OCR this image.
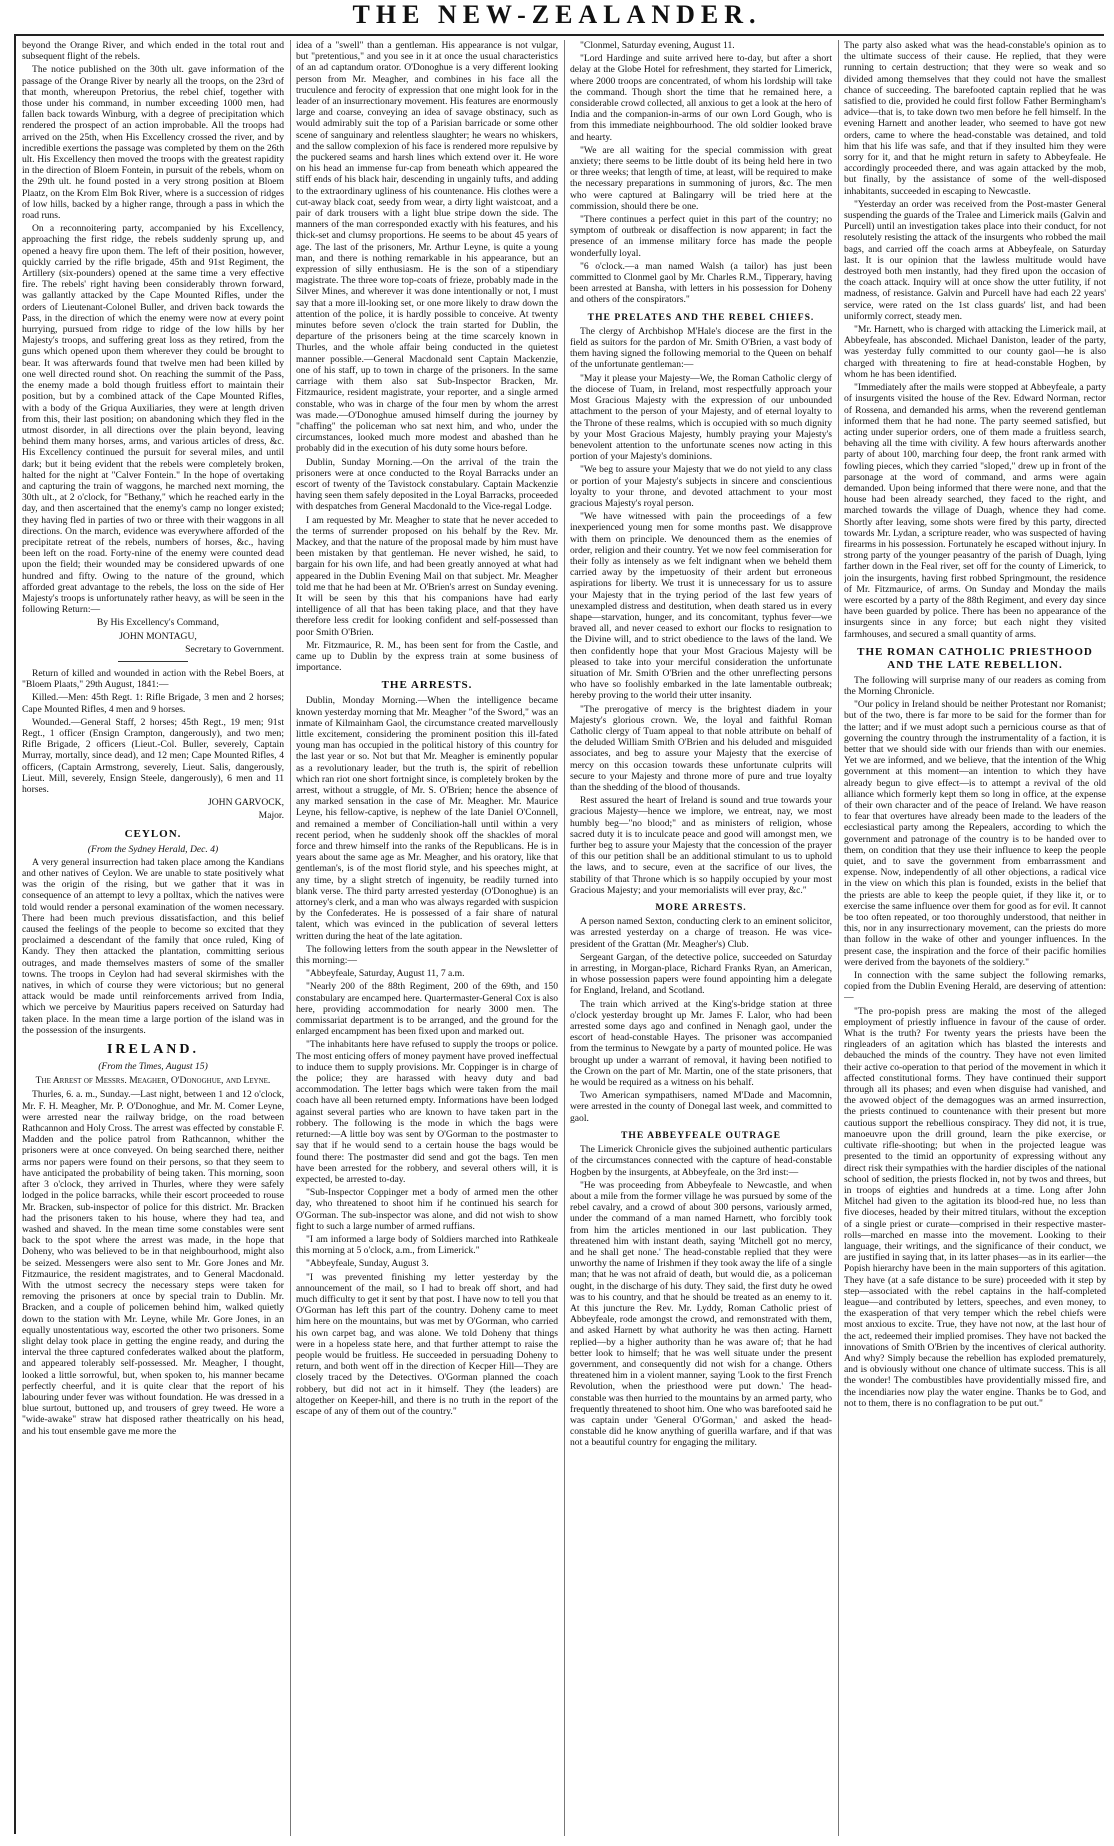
THE NEW-ZEALANDER.

beyond the Orange River, and which ended in the total rout and subsequent flight of the rebels.

The notice published on the 30th ult. gave information of the passage of the Orange River by nearly all the troops, on the 23rd of that month, whereupon Pretorius, the rebel chief, together with those under his command, in number exceeding 1000 men, had fallen back towards Winburg, with a degree of precipitation which rendered the prospect of an action improbable. All the troops had arrived on the 25th, when His Excellency crossed the river, and by incredible exertions the passage was completed by them on the 26th ult. His Excellency then moved the troops with the greatest rapidity in the direction of Bloem Fontein, in pursuit of the rebels, whom on the 29th ult. he found posted in a very strong position at Bloem Plaatz, on the Krom Elm Bok River, where is a succession of ridges of low hills, backed by a higher range, through a pass in which the road runs.

On a reconnoitering party, accompanied by his Excellency, approaching the first ridge, the rebels suddenly sprung up, and opened a heavy fire upon them. The left of their position, however, quickly carried by the rifle brigade, 45th and 91st Regiment, the Artillery (six-pounders) opened at the same time a very effective fire. The rebels' right having been considerably thrown forward, was gallantly attacked by the Cape Mounted Rifles, under the orders of Lieutenant-Colonel Buller, and driven back towards the Pass, in the direction of which the enemy were now at every point hurrying, pursued from ridge to ridge of the low hills by her Majesty's troops, and suffering great loss as they retired, from the guns which opened upon them wherever they could be brought to bear. It was afterwards found that twelve men had been killed by one well directed round shot. On reaching the summit of the Pass, the enemy made a bold though fruitless effort to maintain their position, but by a combined attack of the Cape Mounted Rifles, with a body of the Griqua Auxiliaries, they were at length driven from this, their last position; on abandoning which they fled in the utmost disorder, in all directions over the plain beyond, leaving behind them many horses, arms, and various articles of dress, &c. His Excellency continued the pursuit for several miles, and until dark; but it being evident that the rebels were completely broken, halted for the night at "Calver Fontein." In the hope of overtaking and capturing the train of waggons, he marched next morning, the 30th ult., at 2 o'clock, for "Bethany," which he reached early in the day, and then ascertained that the enemy's camp no longer existed; they having fled in parties of two or three with their waggons in all directions. On the march, evidence was everywhere afforded of the precipitate retreat of the rebels, numbers of horses, &c., having been left on the road. Forty-nine of the enemy were counted dead upon the field; their wounded may be considered upwards of one hundred and fifty. Owing to the nature of the ground, which afforded great advantage to the rebels, the loss on the side of Her Majesty's troops is unfortunately rather heavy, as will be seen in the following Return:—

By His Excellency's Command,

JOHN MONTAGU,

Secretary to Government.

Return of killed and wounded in action with the Rebel Boers, at "Bloem Plaats," 29th August, 1841:—

Killed.—Men: 45th Regt. 1: Rifle Brigade, 3 men and 2 horses; Cape Mounted Rifles, 4 men and 9 horses.

Wounded.—General Staff, 2 horses; 45th Regt., 19 men; 91st Regt., 1 officer (Ensign Crampton, dangerously), and two men; Rifle Brigade, 2 officers (Lieut.-Col. Buller, severely, Captain Murray, mortally, since dead), and 12 men; Cape Mounted Rifles, 4 officers, (Captain Armstrong, severely, Lieut. Salis, dangerously, Lieut. Mill, severely, Ensign Steele, dangerously), 6 men and 11 horses.

JOHN GARVOCK,

Major.

CEYLON.
(From the Sydney Herald, Dec. 4)

A very general insurrection had taken place among the Kandians and other natives of Ceylon. We are unable to state positively what was the origin of the rising, but we gather that it was in consequence of an attempt to levy a polltax, which the natives were told would render a personal examination of the women necessary. There had been much previous dissatisfaction, and this belief caused the feelings of the people to become so excited that they proclaimed a descendant of the family that once ruled, King of Kandy. They then attacked the plantation, committing serious outrages, and made themselves masters of some of the smaller towns. The troops in Ceylon had had several skirmishes with the natives, in which of course they were victorious; but no general attack would be made until reinforcements arrived from India, which we perceive by Mauritius papers received on Saturday had taken place. In the mean time a large portion of the island was in the possession of the insurgents.

IRELAND.
(From the Times, August 15)
The Arrest of Messrs. Meagher, O'Donoghue, and Leyne.

Thurles, 6. a. m., Sunday.—Last night, between 1 and 12 o'clock, Mr. F. H. Meagher, Mr. P. O'Donoghue, and Mr. M. Comer Leyne, were arrested near the railway bridge, on the road between Rathcannon and Holy Cross. The arrest was effected by constable F. Madden and the police patrol from Rathcannon, whither the prisoners were at once conveyed. On being searched there, neither arms nor papers were found on their persons, so that they seem to have anticipated the probability of being taken. This morning, soon after 3 o'clock, they arrived in Thurles, where they were safely lodged in the police barracks, while their escort proceeded to rouse Mr. Bracken, sub-inspector of police for this district. Mr. Bracken had the prisoners taken to his house, where they had tea, and washed and shaved. In the mean time some constables were sent back to the spot where the arrest was made, in the hope that Doheny, who was believed to be in that neighbourhood, might also be seized. Messengers were also sent to Mr. Gore Jones and Mr. Fitzmaurice, the resident magistrates, and to General Macdonald. With the utmost secrecy the necessary steps were taken for removing the prisoners at once by special train to Dublin. Mr. Bracken, and a couple of policemen behind him, walked quietly down to the station with Mr. Leyne, while Mr. Gore Jones, in an equally unostentatious way, escorted the other two prisoners. Some slight delay took place in getting the engine ready, and during the interval the three captured confederates walked about the platform, and appeared tolerably self-possessed. Mr. Meagher, I thought, looked a little sorrowful, but, when spoken to, his manner became perfectly cheerful, and it is quite clear that the report of his labouring under fever was without foundation. He was dressed in a blue surtout, buttoned up, and trousers of grey tweed. He wore a "wide-awake" straw hat disposed rather theatrically on his head, and his tout ensemble gave me more the

idea of a "swell" than a gentleman. His appearance is not vulgar, but "pretentious," and you see in it at once the usual characteristics of an ad captandum orator. O'Donoghue is a very different looking person from Mr. Meagher, and combines in his face all the truculence and ferocity of expression that one might look for in the leader of an insurrectionary movement. His features are enormously large and coarse, conveying an idea of savage obstinacy, such as would admirably suit the top of a Parisian barricade or some other scene of sanguinary and relentless slaughter; he wears no whiskers, and the sallow complexion of his face is rendered more repulsive by the puckered seams and harsh lines which extend over it. He wore on his head an immense fur-cap from beneath which appeared the stiff ends of his black hair, descending in ungainly tufts, and adding to the extraordinary ugliness of his countenance. His clothes were a cut-away black coat, seedy from wear, a dirty light waistcoat, and a pair of dark trousers with a light blue stripe down the side. The manners of the man corresponded exactly with his features, and his thick-set and clumsy proportions. He seems to be about 45 years of age. The last of the prisoners, Mr. Arthur Leyne, is quite a young man, and there is nothing remarkable in his appearance, but an expression of silly enthusiasm. He is the son of a stipendiary magistrate. The three wore top-coats of frieze, probably made in the Silver Mines, and wherever it was done intentionally or not, I must say that a more ill-looking set, or one more likely to draw down the attention of the police, it is hardly possible to conceive. At twenty minutes before seven o'clock the train started for Dublin, the departure of the prisoners being at the time scarcely known in Thurles, and the whole affair being conducted in the quietest manner possible.—General Macdonald sent Captain Mackenzie, one of his staff, up to town in charge of the prisoners. In the same carriage with them also sat Sub-Inspector Bracken, Mr. Fitzmaurice, resident magistrate, your reporter, and a single armed constable, who was in charge of the four men by whom the arrest was made.—O'Donoghue amused himself during the journey by "chaffing" the policeman who sat next him, and who, under the circumstances, looked much more modest and abashed than he probably did in the execution of his duty some hours before.

Dublin, Sunday Morning.—On the arrival of the train the prisoners were at once conducted to the Royal Barracks under an escort of twenty of the Tavistock constabulary. Captain Mackenzie having seen them safely deposited in the Loyal Barracks, proceeded with despatches from General Macdonald to the Vice-regal Lodge.

I am requested by Mr. Meagher to state that he never acceded to the terms of surrender proposed on his behalf by the Rev. Mr. Mackey, and that the nature of the proposal made by him must have been mistaken by that gentleman. He never wished, he said, to bargain for his own life, and had been greatly annoyed at what had appeared in the Dublin Evening Mail on that subject. Mr. Meagher told me that he had been at Mr. O'Brien's arrest on Sunday evening. It will be seen by this that his companions have had early intelligence of all that has been taking place, and that they have therefore less credit for looking confident and self-possessed than poor Smith O'Brien.

Mr. Fitzmaurice, R. M., has been sent for from the Castle, and came up to Dublin by the express train at some business of importance.

THE ARRESTS.

Dublin, Monday Morning.—When the intelligence became known yesterday morning that Mr. Meagher "of the Sword," was an inmate of Kilmainham Gaol, the circumstance created marvellously little excitement, considering the prominent position this ill-fated young man has occupied in the political history of this country for the last year or so. Not but that Mr. Meagher is eminently popular as a revolutionary leader, but the truth is, the spirit of rebellion which ran riot one short fortnight since, is completely broken by the arrest, without a struggle, of Mr. S. O'Brien; hence the absence of any marked sensation in the case of Mr. Meagher. Mr. Maurice Leyne, his fellow-captive, is nephew of the late Daniel O'Connell, and remained a member of Conciliation-hall until within a very recent period, when he suddenly shook off the shackles of moral force and threw himself into the ranks of the Republicans. He is in years about the same age as Mr. Meagher, and his oratory, like that gentleman's, is of the most florid style, and his speeches might, at any time, by a slight stretch of ingenuity, be readily turned into blank verse. The third party arrested yesterday (O'Donoghue) is an attorney's clerk, and a man who was always regarded with suspicion by the Confederates. He is possessed of a fair share of natural talent, which was evinced in the publication of several letters written during the heat of the late agitation.

The following letters from the south appear in the Newsletter of this morning:—

"Abbeyfeale, Saturday, August 11, 7 a.m.

"Nearly 200 of the 88th Regiment, 200 of the 69th, and 150 constabulary are encamped here. Quartermaster-General Cox is also here, providing accommodation for nearly 3000 men. The commissariat department is to be arranged, and the ground for the enlarged encampment has been fixed upon and marked out.

"The inhabitants here have refused to supply the troops or police. The most enticing offers of money payment have proved ineffectual to induce them to supply provisions. Mr. Coppinger is in charge of the police; they are harassed with heavy duty and bad accommodation. The letter bags which were taken from the mail coach have all been returned empty. Informations have been lodged against several parties who are known to have taken part in the robbery. The following is the mode in which the bags were returned:—A little boy was sent by O'Gorman to the postmaster to say that if he would send to a certain house the bags would be found there: The postmaster did send and got the bags. Ten men have been arrested for the robbery, and several others will, it is expected, be arrested to-day.

"Sub-Inspector Coppinger met a body of armed men the other day, who threatened to shoot him if he continued his search for O'Gorman. The sub-inspector was alone, and did not wish to show fight to such a large number of armed ruffians.

"I am informed a large body of Soldiers marched into Rathkeale this morning at 5 o'clock, a.m., from Limerick."

"Abbeyfeale, Sunday, August 3.

"I was prevented finishing my letter yesterday by the announcement of the mail, so I had to break off short, and had much difficulty to get it sent by that post. I have now to tell you that O'Gorman has left this part of the country. Doheny came to meet him here on the mountains, but was met by O'Gorman, who carried his own carpet bag, and was alone. We told Doheny that things were in a hopeless state here, and that further attempt to raise the people would be fruitless. He succeeded in persuading Doheny to return, and both went off in the direction of Kecper Hill—They are closely traced by the Detectives. O'Gorman planned the coach robbery, but did not act in it himself. They (the leaders) are altogether on Keeper-hill, and there is no truth in the report of the escape of any of them out of the country."

"Clonmel, Saturday evening, August 11.

"Lord Hardinge and suite arrived here to-day, but after a short delay at the Globe Hotel for refreshment, they started for Limerick, where 2000 troops are concentrated, of whom his lordship will take the command. Though short the time that he remained here, a considerable crowd collected, all anxious to get a look at the hero of India and the companion-in-arms of our own Lord Gough, who is from this immediate neighbourhood. The old soldier looked brave and hearty.

"We are all waiting for the special commission with great anxiety; there seems to be little doubt of its being held here in two or three weeks; that length of time, at least, will be required to make the necessary preparations in summoning of jurors, &c. The men who were captured at Balingarry will be tried here at the commission, should there be one.

"There continues a perfect quiet in this part of the country; no symptom of outbreak or disaffection is now apparent; in fact the presence of an immense military force has made the people wonderfully loyal.

"6 o'clock.—a man named Walsh (a tailor) has just been committed to Clonmel gaol by Mr. Charles R.M., Tipperary, having been arrested at Bansha, with letters in his possession for Doheny and others of the conspirators."

THE PRELATES AND THE REBEL CHIEFS.

The clergy of Archbishop M'Hale's diocese are the first in the field as suitors for the pardon of Mr. Smith O'Brien, a vast body of them having signed the following memorial to the Queen on behalf of the unfortunate gentleman:—

"May it please your Majesty—We, the Roman Catholic clergy of the diocese of Tuam, in Ireland, most respectfully approach your Most Gracious Majesty with the expression of our unbounded attachment to the person of your Majesty, and of eternal loyalty to the Throne of these realms, which is occupied with so much dignity by your Most Gracious Majesty, humbly praying your Majesty's benevolent attention to the unfortunate scenes now acting in this portion of your Majesty's dominions.

"We beg to assure your Majesty that we do not yield to any class or portion of your Majesty's subjects in sincere and conscientious loyalty to your throne, and devoted attachment to your most gracious Majesty's royal person.

"We have witnessed with pain the proceedings of a few inexperienced young men for some months past. We disapprove with them on principle. We denounced them as the enemies of order, religion and their country. Yet we now feel commiseration for their folly as intensely as we felt indignant when we beheld them carried away by the impetuosity of their ardent but erroneous aspirations for liberty. We trust it is unnecessary for us to assure your Majesty that in the trying period of the last few years of unexampled distress and destitution, when death stared us in every shape—starvation, hunger, and its concomitant, typhus fever—we braved all, and never ceased to exhort our flocks to resignation to the Divine will, and to strict obedience to the laws of the land. We then confidently hope that your Most Gracious Majesty will be pleased to take into your merciful consideration the unfortunate situation of Mr. Smith O'Brien and the other unreflecting persons who have so foolishly embarked in the late lamentable outbreak; hereby proving to the world their utter insanity.

"The prerogative of mercy is the brightest diadem in your Majesty's glorious crown. We, the loyal and faithful Roman Catholic clergy of Tuam appeal to that noble attribute on behalf of the deluded William Smith O'Brien and his deluded and misguided associates, and beg to assure your Majesty that the exercise of mercy on this occasion towards these unfortunate culprits will secure to your Majesty and throne more of pure and true loyalty than the shedding of the blood of thousands.

Rest assured the heart of Ireland is sound and true towards your gracious Majesty—hence we implore, we entreat, nay, we most humbly beg—"no blood;" and as ministers of religion, whose sacred duty it is to inculcate peace and good will amongst men, we further beg to assure your Majesty that the concession of the prayer of this our petition shall be an additional stimulant to us to uphold the laws, and to secure, even at the sacrifice of our lives, the stability of that Throne which is so happily occupied by your most Gracious Majesty; and your memorialists will ever pray, &c."

MORE ARRESTS.

A person named Sexton, conducting clerk to an eminent solicitor, was arrested yesterday on a charge of treason. He was vice-president of the Grattan (Mr. Meagher's) Club.

Sergeant Gargan, of the detective police, succeeded on Saturday in arresting, in Morgan-place, Richard Franks Ryan, an American, in whose possession papers were found appointing him a delegate for England, Ireland, and Scotland.

The train which arrived at the King's-bridge station at three o'clock yesterday brought up Mr. James F. Lalor, who had been arrested some days ago and confined in Nenagh gaol, under the escort of head-constable Hayes. The prisoner was accompanied from the terminus to Newgate by a party of mounted police. He was brought up under a warrant of removal, it having been notified to the Crown on the part of Mr. Martin, one of the state prisoners, that he would be required as a witness on his behalf.

Two American sympathisers, named M'Dade and Macomnin, were arrested in the county of Donegal last week, and committed to gaol.

THE ABBEYFEALE OUTRAGE

The Limerick Chronicle gives the subjoined authentic particulars of the circumstances connected with the capture of head-constable Hogben by the insurgents, at Abbeyfeale, on the 3rd inst:—

"He was proceeding from Abbeyfeale to Newcastle, and when about a mile from the former village he was pursued by some of the rebel cavalry, and a crowd of about 300 persons, variously armed, under the command of a man named Harnett, who forcibly took from him the articles mentioned in our last publication. They threatened him with instant death, saying 'Mitchell got no mercy, and he shall get none.' The head-constable replied that they were unworthy the name of Irishmen if they took away the life of a single man; that he was not afraid of death, but would die, as a policeman ought, in the discharge of his duty. They said, the first duty he owed was to his country, and that he should be treated as an enemy to it. At this juncture the Rev. Mr. Lyddy, Roman Catholic priest of Abbeyfeale, rode amongst the crowd, and remonstrated with them, and asked Harnett by what authority he was then acting. Harnett replied—by a higher authority than he was aware of; that he had better look to himself; that he was well situate under the present government, and consequently did not wish for a change. Others threatened him in a violent manner, saying 'Look to the first French Revolution, when the priesthood were put down.' The head-constable was then hurried to the mountains by an armed party, who frequently threatened to shoot him. One who was barefooted said he was captain under 'General O'Gorman,' and asked the head-constable did he know anything of guerilla warfare, and if that was not a beautiful country for engaging the military.

The party also asked what was the head-constable's opinion as to the ultimate success of their cause. He replied, that they were running to certain destruction; that they were so weak and so divided among themselves that they could not have the smallest chance of succeeding. The barefooted captain replied that he was satisfied to die, provided he could first follow Father Bermingham's advice—that is, to take down two men before he fell himself. In the evening Harnett and another leader, who seemed to have got new orders, came to where the head-constable was detained, and told him that his life was safe, and that if they insulted him they were sorry for it, and that he might return in safety to Abbeyfeale. He accordingly proceeded there, and was again attacked by the mob, but finally, by the assistance of some of the well-disposed inhabitants, succeeded in escaping to Newcastle.

"Yesterday an order was received from the Post-master General suspending the guards of the Tralee and Limerick mails (Galvin and Purcell) until an investigation takes place into their conduct, for not resolutely resisting the attack of the insurgents who robbed the mail bags, and carried off the coach arms at Abbeyfeale, on Saturday last. It is our opinion that the lawless multitude would have destroyed both men instantly, had they fired upon the occasion of the coach attack. Inquiry will at once show the utter futility, if not madness, of resistance. Galvin and Purcell have had each 22 years' service, were rated on the 1st class guards' list, and had been uniformly correct, steady men.

"Mr. Harnett, who is charged with attacking the Limerick mail, at Abbeyfeale, has absconded. Michael Daniston, leader of the party, was yesterday fully committed to our county gaol—he is also charged with threatening to fire at head-constable Hogben, by whom he has been identified.

"Immediately after the mails were stopped at Abbeyfeale, a party of insurgents visited the house of the Rev. Edward Norman, rector of Rossena, and demanded his arms, when the reverend gentleman informed them that he had none. The party seemed satisfied, but acting under superior orders, one of them made a fruitless search, behaving all the time with civility. A few hours afterwards another party of about 100, marching four deep, the front rank armed with fowling pieces, which they carried "sloped," drew up in front of the parsonage at the word of command, and arms were again demanded. Upon being informed that there were none, and that the house had been already searched, they faced to the right, and marched towards the village of Duagh, whence they had come. Shortly after leaving, some shots were fired by this party, directed towards Mr. Lydan, a scripture reader, who was suspected of having firearms in his possession. Fortunately he escaped without injury. In strong party of the younger peasantry of the parish of Duagh, lying farther down in the Feal river, set off for the county of Limerick, to join the insurgents, having first robbed Springmount, the residence of Mr. Fitzmaurice, of arms. On Sunday and Monday the mails were escorted by a party of the 88th Regiment, and every day since have been guarded by police. There has been no appearance of the insurgents since in any force; but each night they visited farmhouses, and secured a small quantity of arms.

THE ROMAN CATHOLIC PRIESTHOOD AND THE LATE REBELLION.

The following will surprise many of our readers as coming from the Morning Chronicle.

"Our policy in Ireland should be neither Protestant nor Romanist; but of the two, there is far more to be said for the former than for the latter; and if we must adopt such a pernicious course as that of governing the country through the instrumentality of a faction, it is better that we should side with our friends than with our enemies. Yet we are informed, and we believe, that the intention of the Whig government at this moment—an intention to which they have already begun to give effect—is to attempt a revival of the old alliance which formerly kept them so long in office, at the expense of their own character and of the peace of Ireland. We have reason to fear that overtures have already been made to the leaders of the ecclesiastical party among the Repealers, according to which the government and patronage of the country is to be handed over to them, on condition that they use their influence to keep the people quiet, and to save the government from embarrassment and expense. Now, independently of all other objections, a radical vice in the view on which this plan is founded, exists in the belief that the priests are able to keep the people quiet, if they like it, or to exercise the same influence over them for good as for evil. It cannot be too often repeated, or too thoroughly understood, that neither in this, nor in any insurrectionary movement, can the priests do more than follow in the wake of other and younger influences. In the present case, the inspiration and the force of their pacific homilies were derived from the bayonets of the soldiery."

In connection with the same subject the following remarks, copied from the Dublin Evening Herald, are deserving of attention:—

"The pro-popish press are making the most of the alleged employment of priestly influence in favour of the cause of order. What is the truth? For twenty years the priests have been the ringleaders of an agitation which has blasted the interests and debauched the minds of the country. They have not even limited their active co-operation to that period of the movement in which it affected constitutional forms. They have continued their support through all its phases; and even when disguise had vanished, and the avowed object of the demagogues was an armed insurrection, the priests continued to countenance with their present but more cautious support the rebellious conspiracy. They did not, it is true, manoeuvre upon the drill ground, learn the pike exercise, or cultivate rifle-shooting; but when in the projected league was presented to the timid an opportunity of expressing without any direct risk their sympathies with the hardier disciples of the national school of sedition, the priests flocked in, not by twos and threes, but in troops of eighties and hundreds at a time. Long after John Mitchel had given to the agitation its blood-red hue, no less than five dioceses, headed by their mitred titulars, without the exception of a single priest or curate—comprised in their respective master-rolls—marched en masse into the movement. Looking to their language, their writings, and the significance of their conduct, we are justified in saying that, in its latter phases—as in its earlier—the Popish hierarchy have been in the main supporters of this agitation. They have (at a safe distance to be sure) proceeded with it step by step—associated with the rebel captains in the half-completed league—and contributed by letters, speeches, and even money, to the exasperation of that very temper which the rebel chiefs were most anxious to excite. True, they have not now, at the last hour of the act, redeemed their implied promises. They have not backed the innovations of Smith O'Brien by the incentives of clerical authority. And why? Simply because the rebellion has exploded prematurely, and is obviously without one chance of ultimate success. This is all the wonder! The combustibles have providentially missed fire, and the incendiaries now play the water engine. Thanks be to God, and not to them, there is no conflagration to be put out."
